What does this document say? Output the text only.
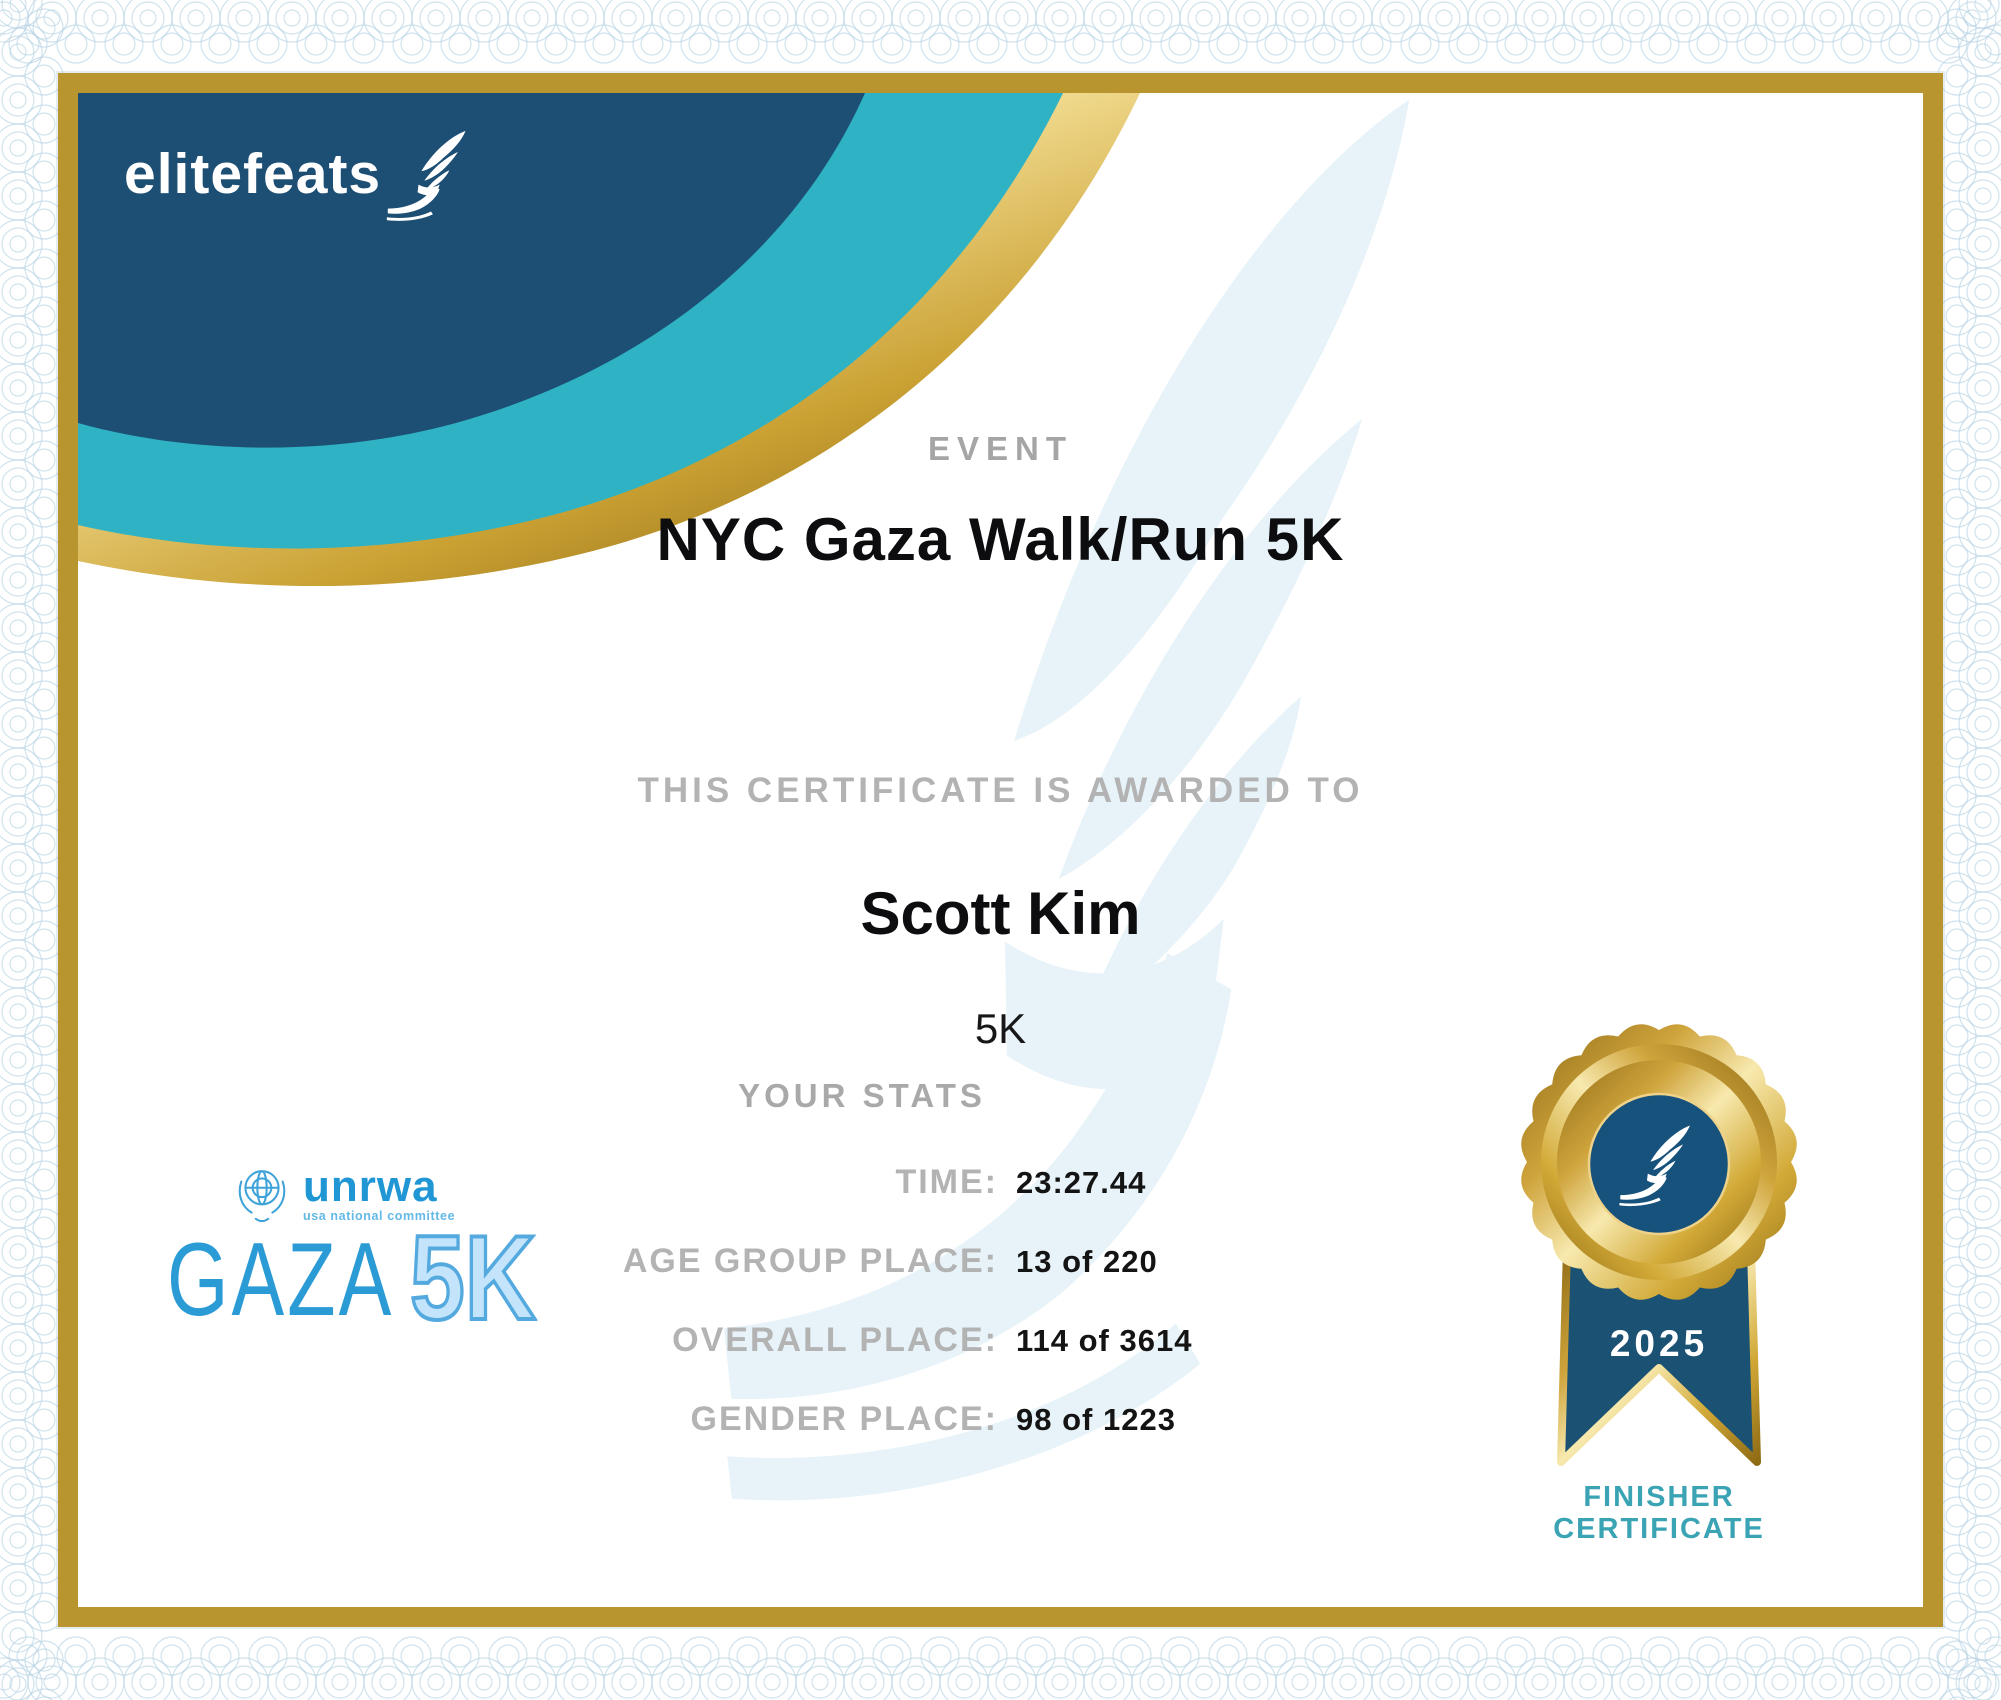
elitefeats
EVENT
NYC Gaza Walk/Run 5K
THIS CERTIFICATE IS AWARDED TO
Scott Kim
5K
YOUR STATS
TIME: 23:27.44
AGE GROUP PLACE: 13 of 220
OVERALL PLACE: 114 of 3614
GENDER PLACE: 98 of 1223
unrwa
usa national committee
GAZA 5K	2025
FINISHER
CERTIFICATE
